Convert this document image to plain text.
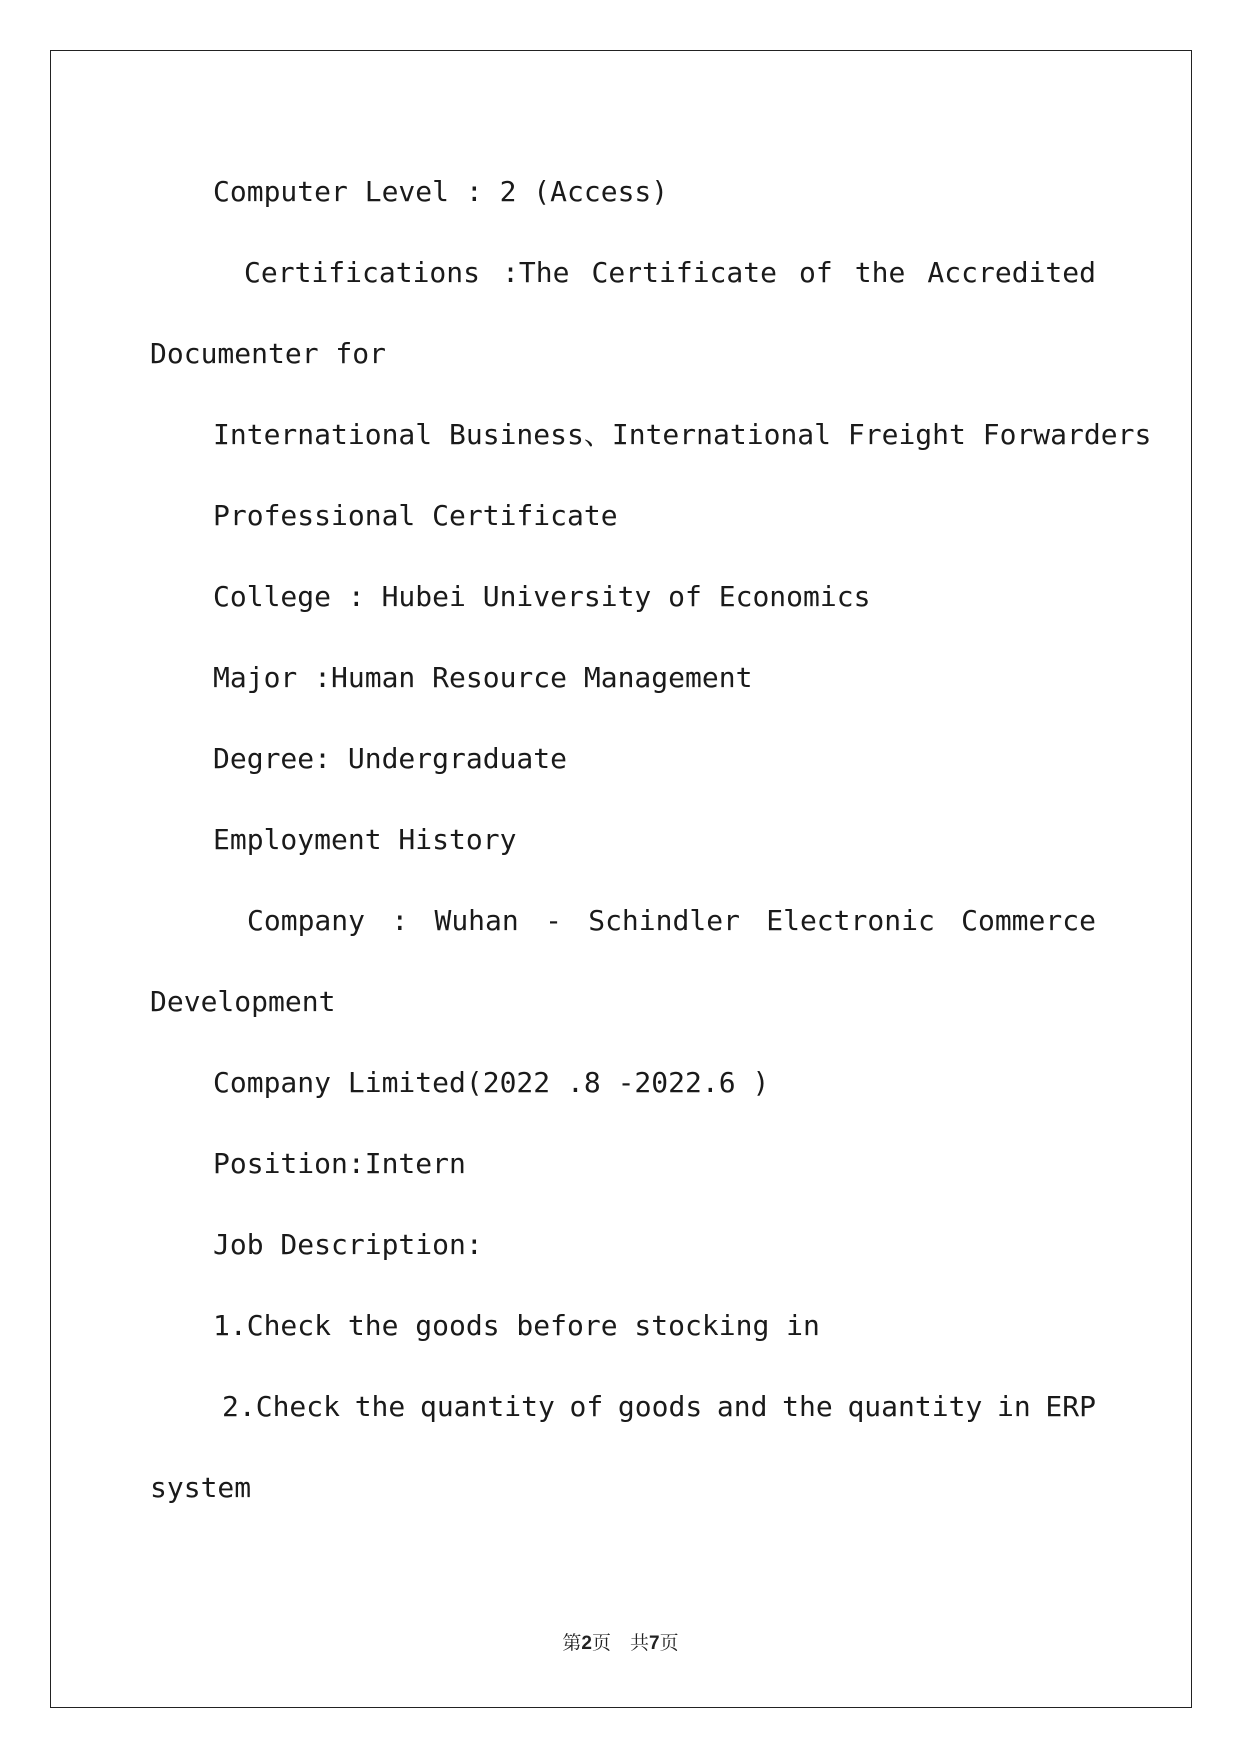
Computer Level : 2 (Access)
Certifications :The Certificate of the Accredited
Documenter for
International Business、International Freight Forwarders
Professional Certificate
College : Hubei University of Economics
Major :Human Resource Management
Degree: Undergraduate
Employment History
Company : Wuhan - Schindler Electronic Commerce
Development
Company Limited(2022 .8 -2022.6 )
Position:Intern
Job Description:
1.Check the goods before stocking in
2.Check the quantity of goods and the quantity in ERP
system
第2页　共7页
